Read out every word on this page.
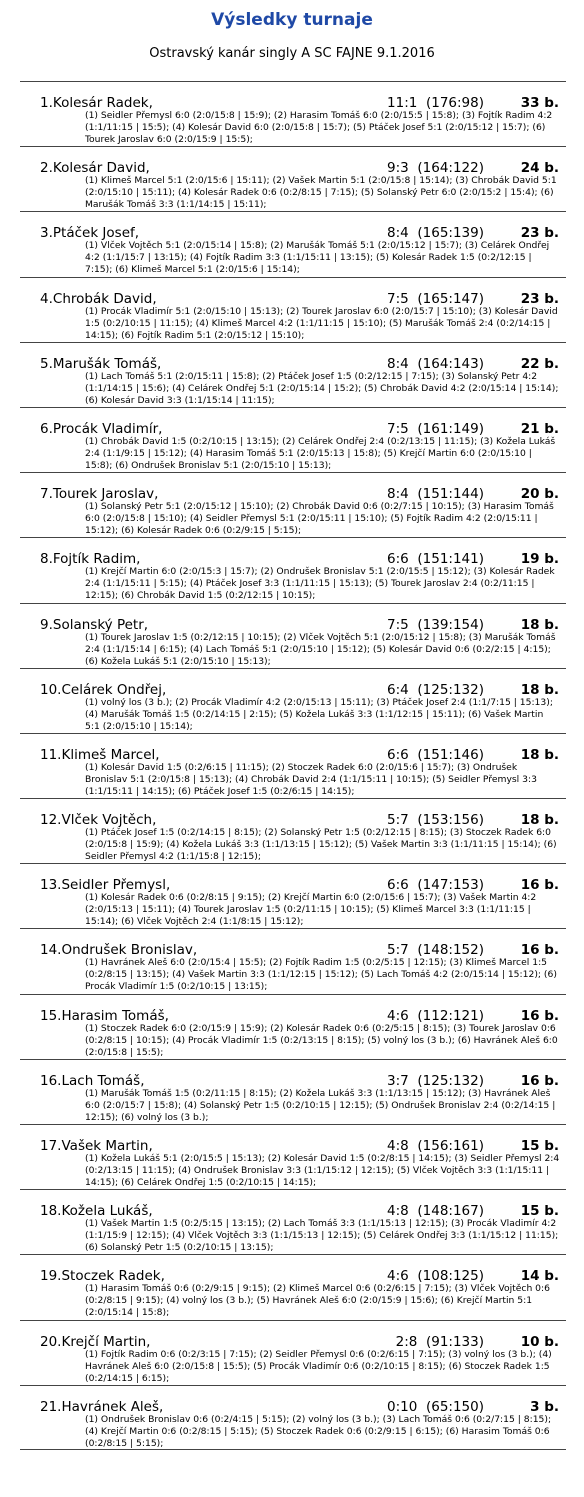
Výsledky turnaje
Ostravský kanár singly A SC FAJNE 9.1.2016
1.Kolesár Radek,	11:1 (176:98)	33 b.
(1) Seidler Přemysl 6:0 (2:0/15:8 | 15:9); (2) Harasim Tomáš 6:0 (2:0/15:5 | 15:8); (3) Fojtík Radim 4:2 (1:1/11:15 | 15:5); (4) Kolesár David 6:0 (2:0/15:8 | 15:7); (5) Ptáček Josef 5:1 (2:0/15:12 | 15:7); (6) Tourek Jaroslav 6:0 (2:0/15:9 | 15:5);
2.Kolesár David,	9:3 (164:122)	24 b.
(1) Klimeš Marcel 5:1 (2:0/15:6 | 15:11); (2) Vašek Martin 5:1 (2:0/15:8 | 15:14); (3) Chrobák David 5:1 (2:0/15:10 | 15:11); (4) Kolesár Radek 0:6 (0:2/8:15 | 7:15); (5) Solanský Petr 6:0 (2:0/15:2 | 15:4); (6) Marušák Tomáš 3:3 (1:1/14:15 | 15:11);
3.Ptáček Josef,	8:4 (165:139)	23 b.
(1) Vlček Vojtěch 5:1 (2:0/15:14 | 15:8); (2) Marušák Tomáš 5:1 (2:0/15:12 | 15:7); (3) Celárek Ondřej 4:2 (1:1/15:7 | 13:15); (4) Fojtík Radim 3:3 (1:1/15:11 | 13:15); (5) Kolesár Radek 1:5 (0:2/12:15 | 7:15); (6) Klimeš Marcel 5:1 (2:0/15:6 | 15:14);
4.Chrobák David,	7:5 (165:147)	23 b.
(1) Procák Vladimír 5:1 (2:0/15:10 | 15:13); (2) Tourek Jaroslav 6:0 (2:0/15:7 | 15:10); (3) Kolesár David 1:5 (0:2/10:15 | 11:15); (4) Klimeš Marcel 4:2 (1:1/11:15 | 15:10); (5) Marušák Tomáš 2:4 (0:2/14:15 | 14:15); (6) Fojtík Radim 5:1 (2:0/15:12 | 15:10);
5.Marušák Tomáš,	8:4 (164:143)	22 b.
(1) Lach Tomáš 5:1 (2:0/15:11 | 15:8); (2) Ptáček Josef 1:5 (0:2/12:15 | 7:15); (3) Solanský Petr 4:2 (1:1/14:15 | 15:6); (4) Celárek Ondřej 5:1 (2:0/15:14 | 15:2); (5) Chrobák David 4:2 (2:0/15:14 | 15:14); (6) Kolesár David 3:3 (1:1/15:14 | 11:15);
6.Procák Vladimír,	7:5 (161:149)	21 b.
(1) Chrobák David 1:5 (0:2/10:15 | 13:15); (2) Celárek Ondřej 2:4 (0:2/13:15 | 11:15); (3) Kožela Lukáš 2:4 (1:1/9:15 | 15:12); (4) Harasim Tomáš 5:1 (2:0/15:13 | 15:8); (5) Krejčí Martin 6:0 (2:0/15:10 | 15:8); (6) Ondrušek Bronislav 5:1 (2:0/15:10 | 15:13);
7.Tourek Jaroslav,	8:4 (151:144)	20 b.
(1) Solanský Petr 5:1 (2:0/15:12 | 15:10); (2) Chrobák David 0:6 (0:2/7:15 | 10:15); (3) Harasim Tomáš 6:0 (2:0/15:8 | 15:10); (4) Seidler Přemysl 5:1 (2:0/15:11 | 15:10); (5) Fojtík Radim 4:2 (2:0/15:11 | 15:12); (6) Kolesár Radek 0:6 (0:2/9:15 | 5:15);
8.Fojtík Radim,	6:6 (151:141)	19 b.
(1) Krejčí Martin 6:0 (2:0/15:3 | 15:7); (2) Ondrušek Bronislav 5:1 (2:0/15:5 | 15:12); (3) Kolesár Radek 2:4 (1:1/15:11 | 5:15); (4) Ptáček Josef 3:3 (1:1/11:15 | 15:13); (5) Tourek Jaroslav 2:4 (0:2/11:15 | 12:15); (6) Chrobák David 1:5 (0:2/12:15 | 10:15);
9.Solanský Petr,	7:5 (139:154)	18 b.
(1) Tourek Jaroslav 1:5 (0:2/12:15 | 10:15); (2) Vlček Vojtěch 5:1 (2:0/15:12 | 15:8); (3) Marušák Tomáš 2:4 (1:1/15:14 | 6:15); (4) Lach Tomáš 5:1 (2:0/15:10 | 15:12); (5) Kolesár David 0:6 (0:2/2:15 | 4:15); (6) Kožela Lukáš 5:1 (2:0/15:10 | 15:13);
10.Celárek Ondřej,	6:4 (125:132)	18 b.
(1) volný los (3 b.); (2) Procák Vladimír 4:2 (2:0/15:13 | 15:11); (3) Ptáček Josef 2:4 (1:1/7:15 | 15:13); (4) Marušák Tomáš 1:5 (0:2/14:15 | 2:15); (5) Kožela Lukáš 3:3 (1:1/12:15 | 15:11); (6) Vašek Martin 5:1 (2:0/15:10 | 15:14);
11.Klimeš Marcel,	6:6 (151:146)	18 b.
(1) Kolesár David 1:5 (0:2/6:15 | 11:15); (2) Stoczek Radek 6:0 (2:0/15:6 | 15:7); (3) Ondrušek Bronislav 5:1 (2:0/15:8 | 15:13); (4) Chrobák David 2:4 (1:1/15:11 | 10:15); (5) Seidler Přemysl 3:3 (1:1/15:11 | 14:15); (6) Ptáček Josef 1:5 (0:2/6:15 | 14:15);
12.Vlček Vojtěch,	5:7 (153:156)	18 b.
(1) Ptáček Josef 1:5 (0:2/14:15 | 8:15); (2) Solanský Petr 1:5 (0:2/12:15 | 8:15); (3) Stoczek Radek 6:0 (2:0/15:8 | 15:9); (4) Kožela Lukáš 3:3 (1:1/13:15 | 15:12); (5) Vašek Martin 3:3 (1:1/11:15 | 15:14); (6) Seidler Přemysl 4:2 (1:1/15:8 | 12:15);
13.Seidler Přemysl,	6:6 (147:153)	16 b.
(1) Kolesár Radek 0:6 (0:2/8:15 | 9:15); (2) Krejčí Martin 6:0 (2:0/15:6 | 15:7); (3) Vašek Martin 4:2 (2:0/15:13 | 15:11); (4) Tourek Jaroslav 1:5 (0:2/11:15 | 10:15); (5) Klimeš Marcel 3:3 (1:1/11:15 | 15:14); (6) Vlček Vojtěch 2:4 (1:1/8:15 | 15:12);
14.Ondrušek Bronislav,	5:7 (148:152)	16 b.
(1) Havránek Aleš 6:0 (2:0/15:4 | 15:5); (2) Fojtík Radim 1:5 (0:2/5:15 | 12:15); (3) Klimeš Marcel 1:5 (0:2/8:15 | 13:15); (4) Vašek Martin 3:3 (1:1/12:15 | 15:12); (5) Lach Tomáš 4:2 (2:0/15:14 | 15:12); (6) Procák Vladimír 1:5 (0:2/10:15 | 13:15);
15.Harasim Tomáš,	4:6 (112:121)	16 b.
(1) Stoczek Radek 6:0 (2:0/15:9 | 15:9); (2) Kolesár Radek 0:6 (0:2/5:15 | 8:15); (3) Tourek Jaroslav 0:6 (0:2/8:15 | 10:15); (4) Procák Vladimír 1:5 (0:2/13:15 | 8:15); (5) volný los (3 b.); (6) Havránek Aleš 6:0 (2:0/15:8 | 15:5);
16.Lach Tomáš,	3:7 (125:132)	16 b.
(1) Marušák Tomáš 1:5 (0:2/11:15 | 8:15); (2) Kožela Lukáš 3:3 (1:1/13:15 | 15:12); (3) Havránek Aleš 6:0 (2:0/15:7 | 15:8); (4) Solanský Petr 1:5 (0:2/10:15 | 12:15); (5) Ondrušek Bronislav 2:4 (0:2/14:15 | 12:15); (6) volný los (3 b.);
17.Vašek Martin,	4:8 (156:161)	15 b.
(1) Kožela Lukáš 5:1 (2:0/15:5 | 15:13); (2) Kolesár David 1:5 (0:2/8:15 | 14:15); (3) Seidler Přemysl 2:4 (0:2/13:15 | 11:15); (4) Ondrušek Bronislav 3:3 (1:1/15:12 | 12:15); (5) Vlček Vojtěch 3:3 (1:1/15:11 | 14:15); (6) Celárek Ondřej 1:5 (0:2/10:15 | 14:15);
18.Kožela Lukáš,	4:8 (148:167)	15 b.
(1) Vašek Martin 1:5 (0:2/5:15 | 13:15); (2) Lach Tomáš 3:3 (1:1/15:13 | 12:15); (3) Procák Vladimír 4:2 (1:1/15:9 | 12:15); (4) Vlček Vojtěch 3:3 (1:1/15:13 | 12:15); (5) Celárek Ondřej 3:3 (1:1/15:12 | 11:15); (6) Solanský Petr 1:5 (0:2/10:15 | 13:15);
19.Stoczek Radek,	4:6 (108:125)	14 b.
(1) Harasim Tomáš 0:6 (0:2/9:15 | 9:15); (2) Klimeš Marcel 0:6 (0:2/6:15 | 7:15); (3) Vlček Vojtěch 0:6 (0:2/8:15 | 9:15); (4) volný los (3 b.); (5) Havránek Aleš 6:0 (2:0/15:9 | 15:6); (6) Krejčí Martin 5:1 (2:0/15:14 | 15:8);
20.Krejčí Martin,	2:8 (91:133)	10 b.
(1) Fojtík Radim 0:6 (0:2/3:15 | 7:15); (2) Seidler Přemysl 0:6 (0:2/6:15 | 7:15); (3) volný los (3 b.); (4) Havránek Aleš 6:0 (2:0/15:8 | 15:5); (5) Procák Vladimír 0:6 (0:2/10:15 | 8:15); (6) Stoczek Radek 1:5 (0:2/14:15 | 6:15);
21.Havránek Aleš,	0:10 (65:150)	3 b.
(1) Ondrušek Bronislav 0:6 (0:2/4:15 | 5:15); (2) volný los (3 b.); (3) Lach Tomáš 0:6 (0:2/7:15 | 8:15); (4) Krejčí Martin 0:6 (0:2/8:15 | 5:15); (5) Stoczek Radek 0:6 (0:2/9:15 | 6:15); (6) Harasim Tomáš 0:6 (0:2/8:15 | 5:15);
